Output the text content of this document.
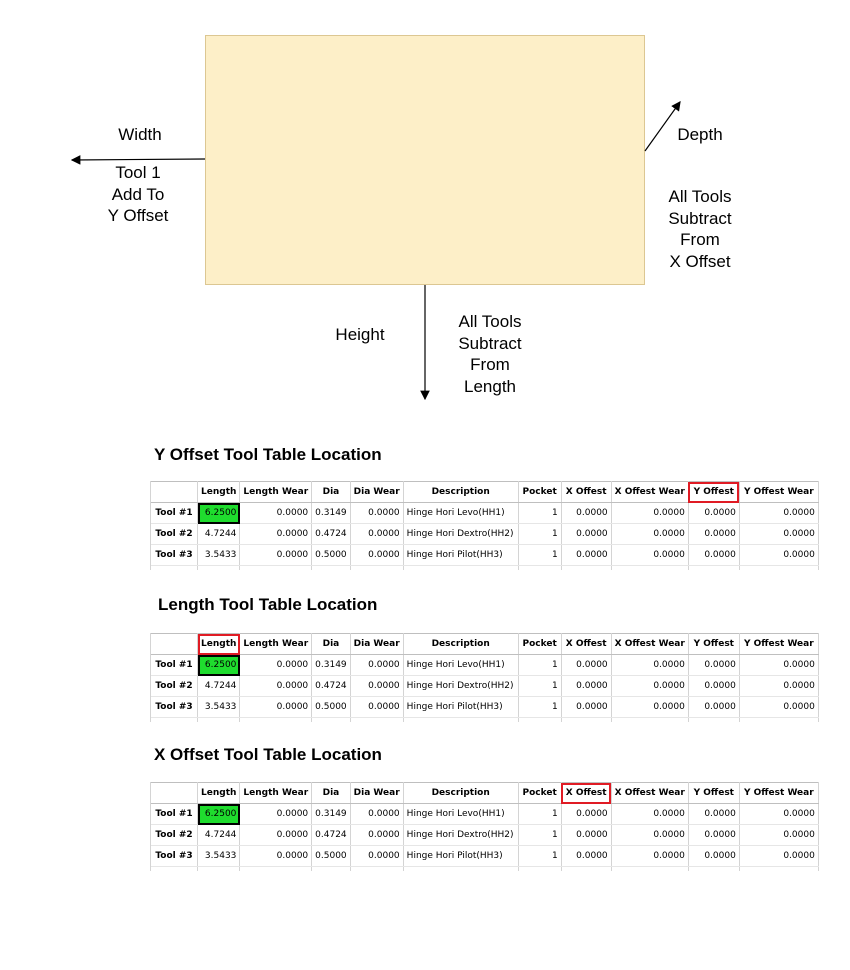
Width
Tool 1
Add To
Y Offset
Depth
All Tools
Subtract
From
X Offset
Height
All Tools
Subtract
From
Length
Y Offset Tool Table Location
	Length	Length Wear	Dia	Dia Wear	Description	Pocket	X Offest	X Offest Wear	Y Offest	Y Offest Wear
Tool #1	6.2500	0.0000	0.3149	0.0000	Hinge Hori Levo(HH1)	1	0.0000	0.0000	0.0000	0.0000
Tool #2	4.7244	0.0000	0.4724	0.0000	Hinge Hori Dextro(HH2)	1	0.0000	0.0000	0.0000	0.0000
Tool #3	3.5433	0.0000	0.5000	0.0000	Hinge Hori Pilot(HH3)	1	0.0000	0.0000	0.0000	0.0000

Length Tool Table Location
	Length	Length Wear	Dia	Dia Wear	Description	Pocket	X Offest	X Offest Wear	Y Offest	Y Offest Wear
Tool #1	6.2500	0.0000	0.3149	0.0000	Hinge Hori Levo(HH1)	1	0.0000	0.0000	0.0000	0.0000
Tool #2	4.7244	0.0000	0.4724	0.0000	Hinge Hori Dextro(HH2)	1	0.0000	0.0000	0.0000	0.0000
Tool #3	3.5433	0.0000	0.5000	0.0000	Hinge Hori Pilot(HH3)	1	0.0000	0.0000	0.0000	0.0000

X Offset Tool Table Location
	Length	Length Wear	Dia	Dia Wear	Description	Pocket	X Offest	X Offest Wear	Y Offest	Y Offest Wear
Tool #1	6.2500	0.0000	0.3149	0.0000	Hinge Hori Levo(HH1)	1	0.0000	0.0000	0.0000	0.0000
Tool #2	4.7244	0.0000	0.4724	0.0000	Hinge Hori Dextro(HH2)	1	0.0000	0.0000	0.0000	0.0000
Tool #3	3.5433	0.0000	0.5000	0.0000	Hinge Hori Pilot(HH3)	1	0.0000	0.0000	0.0000	0.0000
